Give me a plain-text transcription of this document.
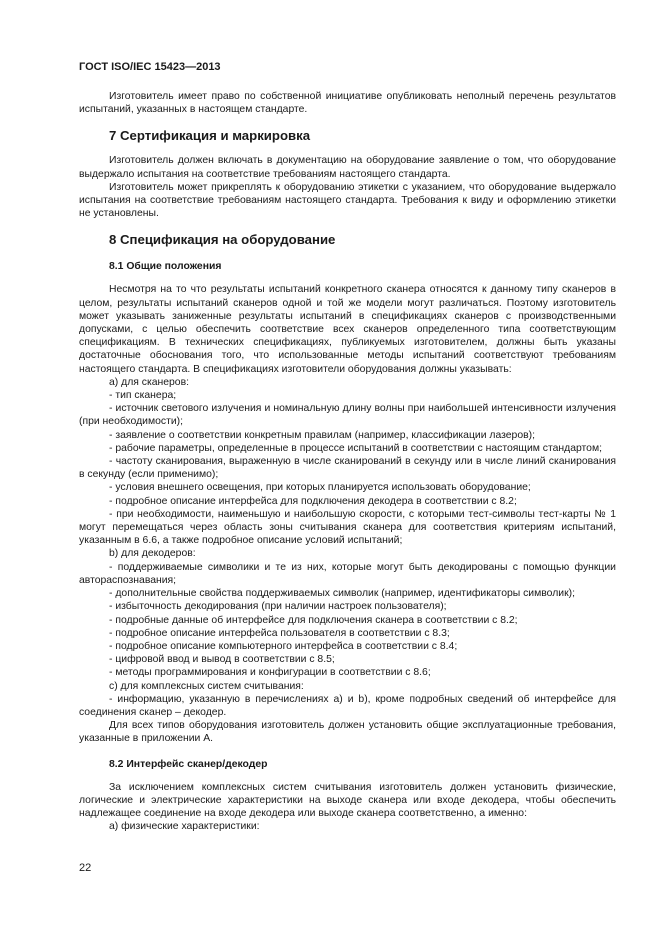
ГОСТ ISO/IEC 15423—2013

Изготовитель имеет право по собственной инициативе опубликовать неполный перечень результатов испытаний, указанных в настоящем стандарте.

7 Сертификация и маркировка

Изготовитель должен включать в документацию на оборудование заявление о том, что оборудование выдержало испытания на соответствие требованиям настоящего стандарта.

Изготовитель может прикреплять к оборудованию этикетки с указанием, что оборудование выдержало испытания на соответствие требованиям настоящего стандарта. Требования к виду и оформлению этикетки не установлены.

8 Спецификация на оборудование
8.1 Общие положения

Несмотря на то что результаты испытаний конкретного сканера относятся к данному типу сканеров в целом, результаты испытаний сканеров одной и той же модели могут различаться. Поэтому изготовитель может указывать заниженные результаты испытаний в спецификациях сканеров с производственными допусками, с целью обеспечить соответствие всех сканеров определенного типа соответствующим спецификациям. В технических спецификациях, публикуемых изготовителем, должны быть указаны достаточные обоснования того, что использованные методы испытаний соответствуют требованиям настоящего стандарта. В спецификациях изготовители оборудования должны указывать:

а) для сканеров:

- тип сканера;

- источник светового излучения и номинальную длину волны при наибольшей интенсивности излучения (при необходимости);

- заявление о соответствии конкретным правилам (например, классификации лазеров);

- рабочие параметры, определенные в процессе испытаний в соответствии с настоящим стандартом;

- частоту сканирования, выраженную в числе сканирований в секунду или в числе линий сканирования в секунду (если применимо);

- условия внешнего освещения, при которых планируется использовать оборудование;

- подробное описание интерфейса для подключения декодера в соответствии с 8.2;

- при необходимости, наименьшую и наибольшую скорости, с которыми тест-символы тест-карты № 1 могут перемещаться через область зоны считывания сканера для соответствия критериям испытаний, указанным в 6.6, а также подробное описание условий испытаний;

b) для декодеров:

- поддерживаемые символики и те из них, которые могут быть декодированы с помощью функции автораспознавания;

- дополнительные свойства поддерживаемых символик (например, идентификаторы символик);

- избыточность декодирования (при наличии настроек пользователя);

- подробные данные об интерфейсе для подключения сканера в соответствии с 8.2;

- подробное описание интерфейса пользователя в соответствии с 8.3;

- подробное описание компьютерного интерфейса в соответствии с 8.4;

- цифровой ввод и вывод в соответствии с 8.5;

- методы программирования и конфигурации в соответствии с 8.6;

с) для комплексных систем считывания:

- информацию, указанную в перечислениях а) и b), кроме подробных сведений об интерфейсе для соединения сканер – декодер.

Для всех типов оборудования изготовитель должен установить общие эксплуатационные требования, указанные в приложении А.

8.2 Интерфейс сканер/декодер

За исключением комплексных систем считывания изготовитель должен установить физические, логические и электрические характеристики на выходе сканера или входе декодера, чтобы обеспечить надлежащее соединение на входе декодера или выходе сканера соответственно, а именно:

а) физические характеристики:

22
